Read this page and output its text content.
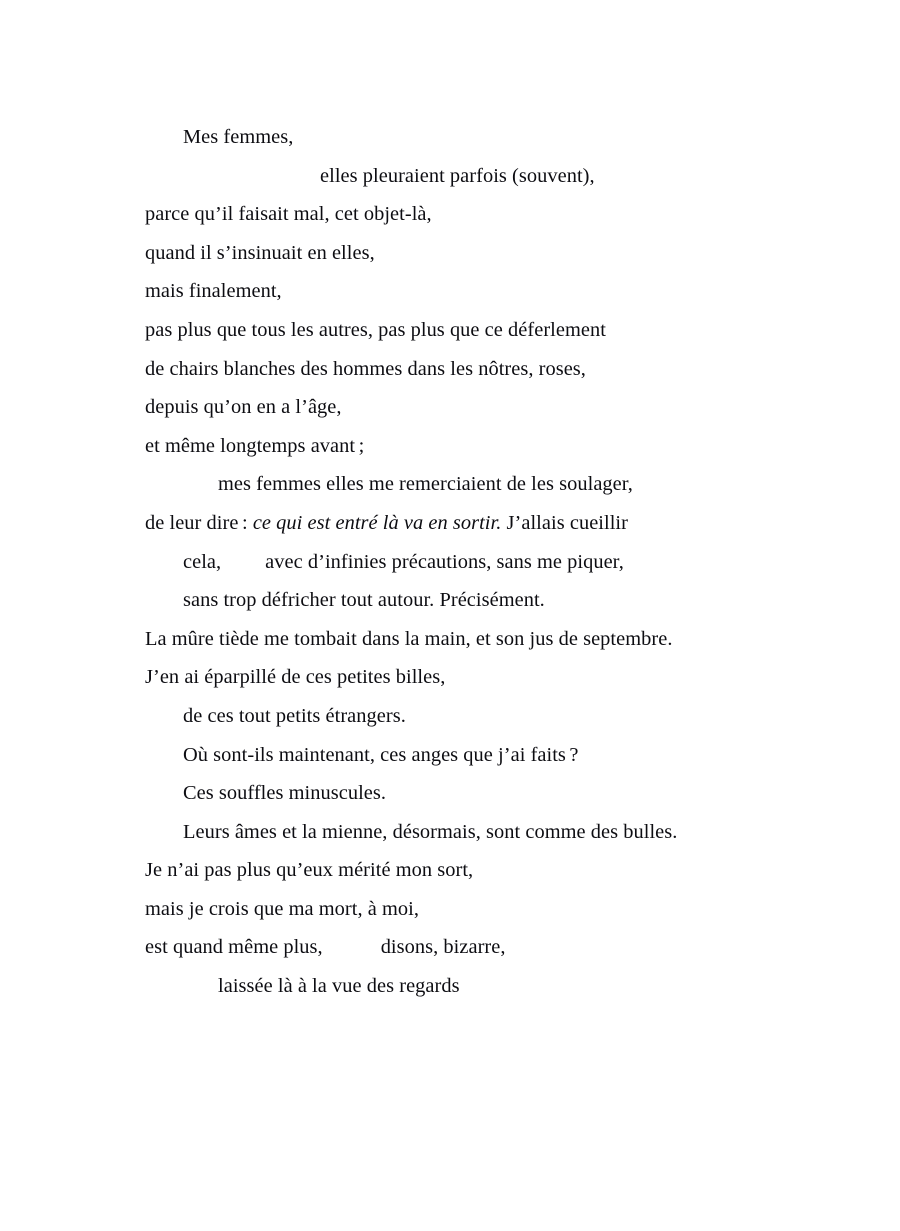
Mes femmes,
elles pleuraient parfois (souvent),
parce qu’il faisait mal, cet objet-là,
quand il s’insinuait en elles,
mais finalement,
pas plus que tous les autres, pas plus que ce déferlement
de chairs blanches des hommes dans les nôtres, roses,
depuis qu’on en a l’âge,
et même longtemps avant ;
mes femmes elles me remerciaient de les soulager,
de leur dire : ce qui est entré là va en sortir. J’allais cueillir
cela, avec d’infinies précautions, sans me piquer,
sans trop défricher tout autour. Précisément.
La mûre tiède me tombait dans la main, et son jus de septembre.
J’en ai éparpillé de ces petites billes,
de ces tout petits étrangers.
Où sont-ils maintenant, ces anges que j’ai faits ?
Ces souffles minuscules.
Leurs âmes et la mienne, désormais, sont comme des bulles.
Je n’ai pas plus qu’eux mérité mon sort,
mais je crois que ma mort, à moi,
est quand même plus,	disons, bizarre,
laissée là à la vue des regards
